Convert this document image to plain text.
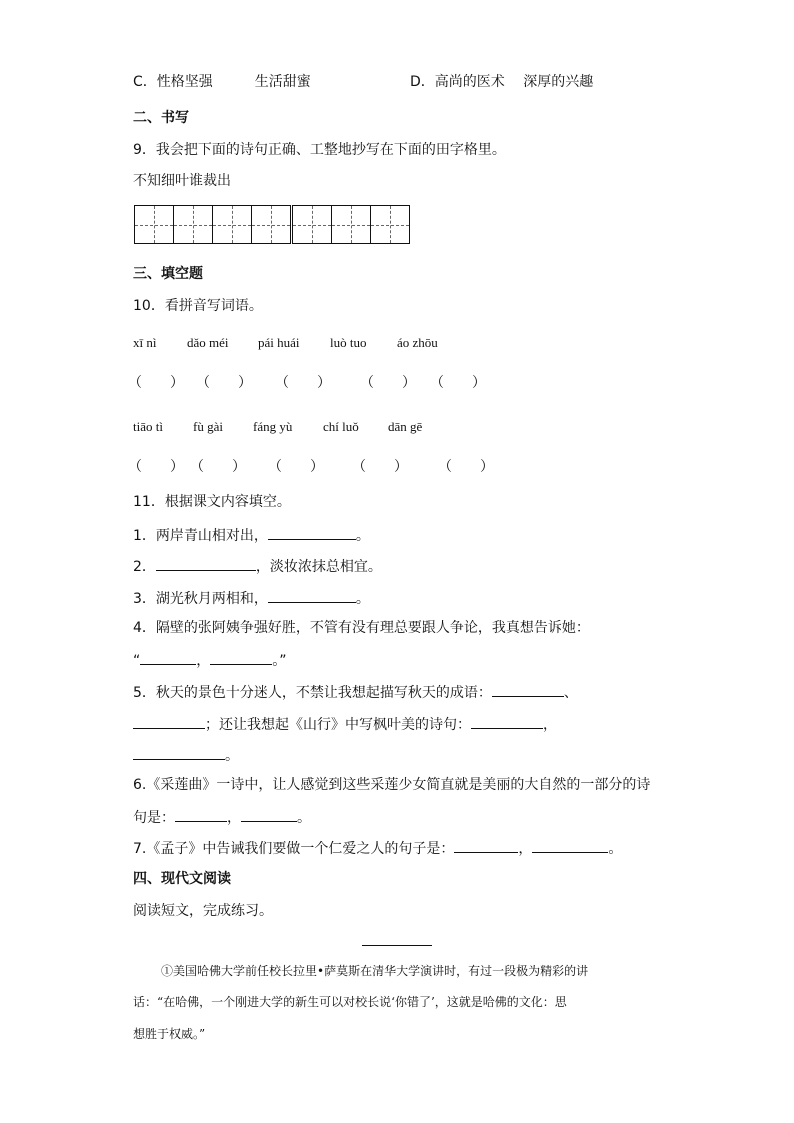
C．性格坚强　　　生活甜蜜	D．高尚的医术　 深厚的兴趣
二、书写
9．我会把下面的诗句正确、工整地抄写在下面的田字格里。
不知细叶谁裁出
三、填空题
10．看拼音写词语。
xī nì dǎo méi pái huái luò tuo áo zhōu
（　　） （　　） （　　） （　　） （　　）
tiāo tì fù gài fáng yù chí luǒ dān gē
（　　） （　　） （　　） （　　） （　　）
11．根据课文内容填空。
1．两岸青山相对出，	。
2．	，淡妆浓抹总相宜。
3．湖光秋月两相和，	。
4．隔壁的张阿姨争强好胜，不管有没有理总要跟人争论，我真想告诉她：
“	，	。”
5．秋天的景色十分迷人，不禁让我想起描写秋天的成语：	、
；还让我想起《山行》中写枫叶美的诗句：	，
。
6.《采莲曲》一诗中，让人感觉到这些采莲少女简直就是美丽的大自然的一部分的诗
句是：	，	。
7.《孟子》中告诫我们要做一个仁爱之人的句子是：	，	。
四、现代文阅读
阅读短文，完成练习。
①美国哈佛大学前任校长拉里•萨莫斯在清华大学演讲时，有过一段极为精彩的讲
话：“在哈佛，一个刚进大学的新生可以对校长说‘你错了’，这就是哈佛的文化：思
想胜于权威。”
